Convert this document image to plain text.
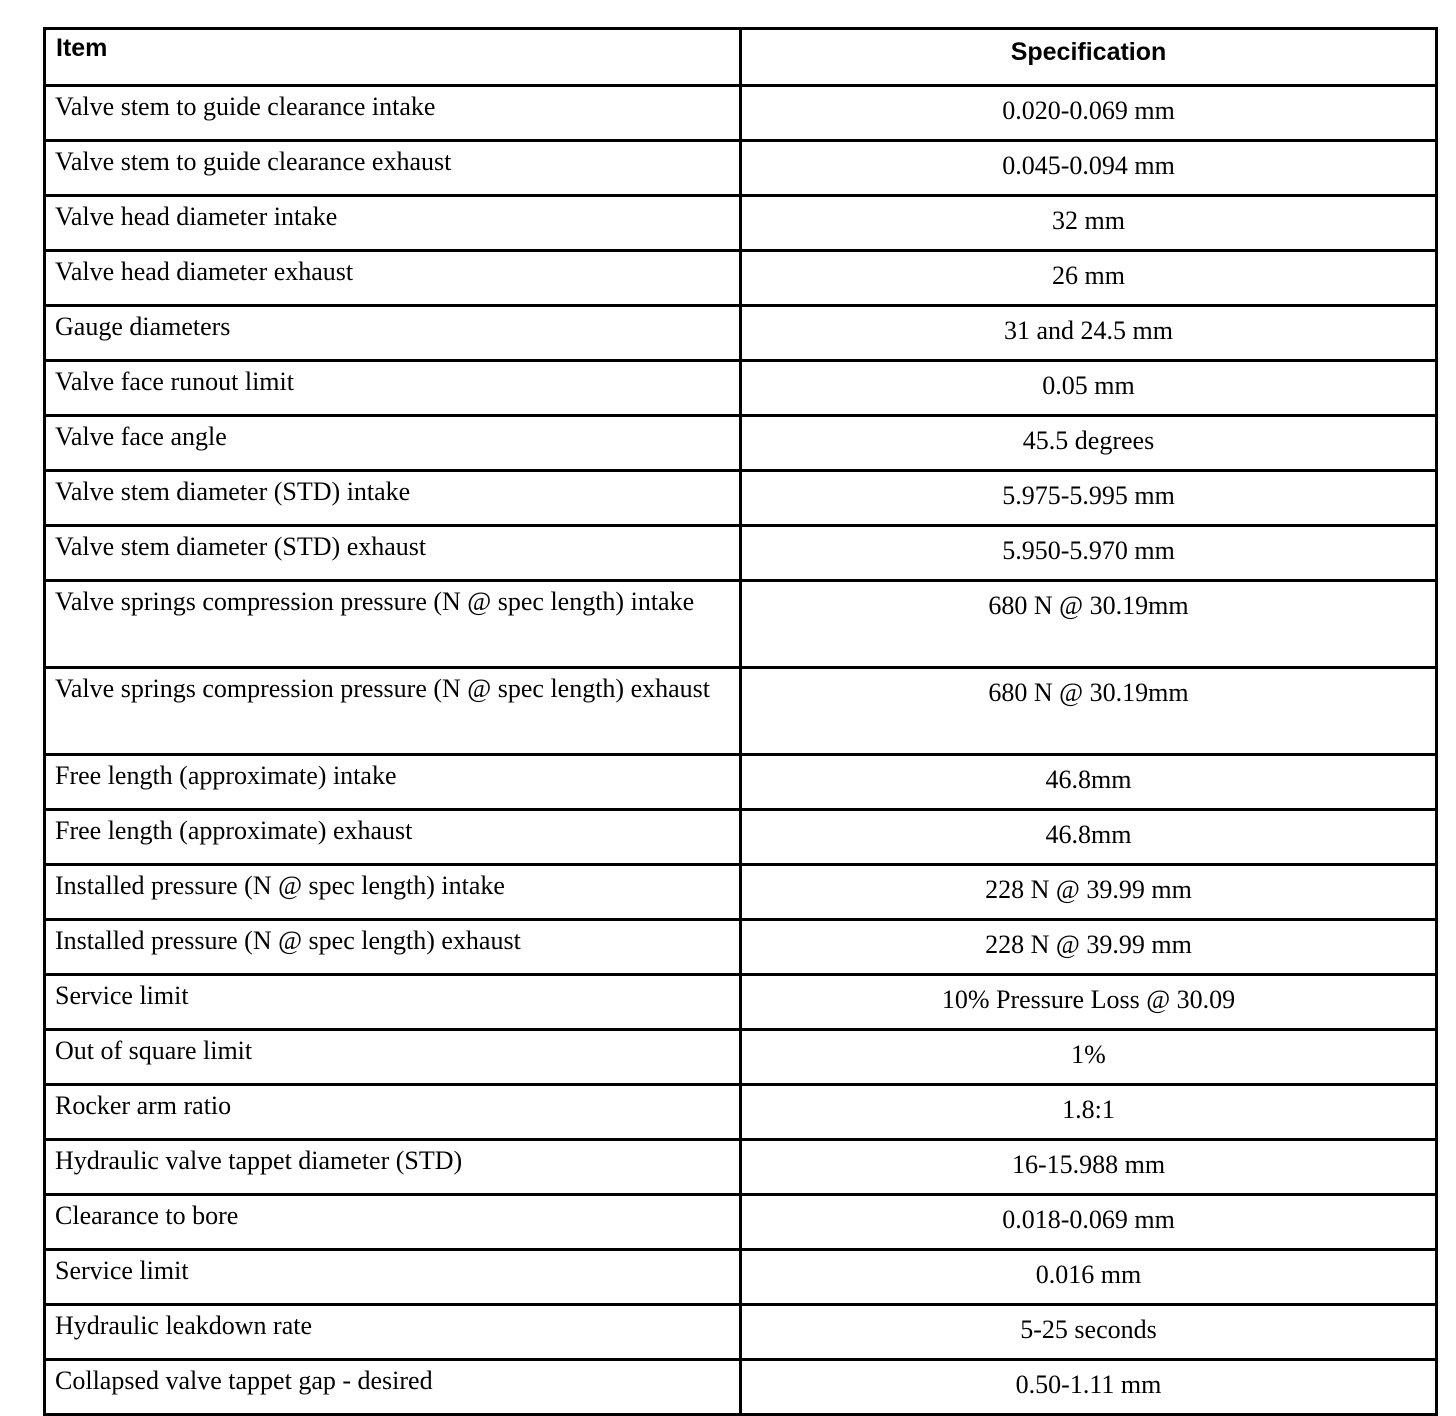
Item	Specification
Valve stem to guide clearance intake	0.020-0.069 mm
Valve stem to guide clearance exhaust	0.045-0.094 mm
Valve head diameter intake	32 mm
Valve head diameter exhaust	26 mm
Gauge diameters	31 and 24.5 mm
Valve face runout limit	0.05 mm
Valve face angle	45.5 degrees
Valve stem diameter (STD) intake	5.975-5.995 mm
Valve stem diameter (STD) exhaust	5.950-5.970 mm
Valve springs compression pressure (N @ spec length) intake	680 N @ 30.19mm
Valve springs compression pressure (N @ spec length) exhaust	680 N @ 30.19mm
Free length (approximate) intake	46.8mm
Free length (approximate) exhaust	46.8mm
Installed pressure (N @ spec length) intake	228 N @ 39.99 mm
Installed pressure (N @ spec length) exhaust	228 N @ 39.99 mm
Service limit	10% Pressure Loss @ 30.09
Out of square limit	1%
Rocker arm ratio	1.8:1
Hydraulic valve tappet diameter (STD)	16-15.988 mm
Clearance to bore	0.018-0.069 mm
Service limit	0.016 mm
Hydraulic leakdown rate	5-25 seconds
Collapsed valve tappet gap - desired	0.50-1.11 mm
